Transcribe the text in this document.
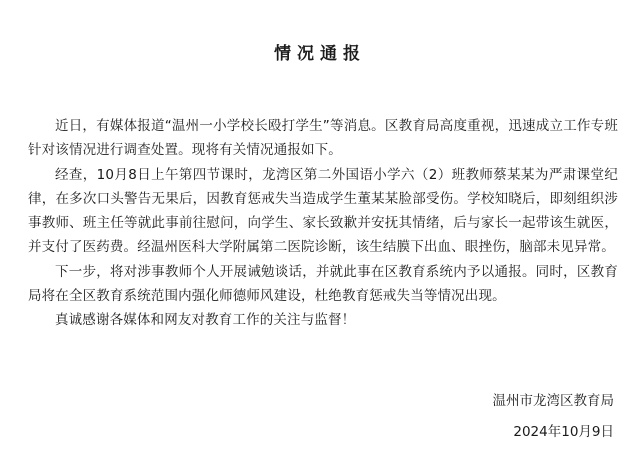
情况通报

近日，有媒体报道“温州一小学校长殴打学生”等消息。区教育局高度重视，迅速成立工作专班针对该情况进行调查处置。现将有关情况通报如下。

经查，10月8日上午第四节课时，龙湾区第二外国语小学六（2）班教师蔡某某为严肃课堂纪律，在多次口头警告无果后，因教育惩戒失当造成学生董某某脸部受伤。学校知晓后，即刻组织涉事教师、班主任等就此事前往慰问，向学生、家长致歉并安抚其情绪，后与家长一起带该生就医，并支付了医药费。经温州医科大学附属第二医院诊断，该生结膜下出血、眼挫伤，脑部未见异常。

下一步，将对涉事教师个人开展诫勉谈话，并就此事在区教育系统内予以通报。同时，区教育局将在全区教育系统范围内强化师德师风建设，杜绝教育惩戒失当等情况出现。

真诚感谢各媒体和网友对教育工作的关注与监督！

温州市龙湾区教育局
2024年10月9日
